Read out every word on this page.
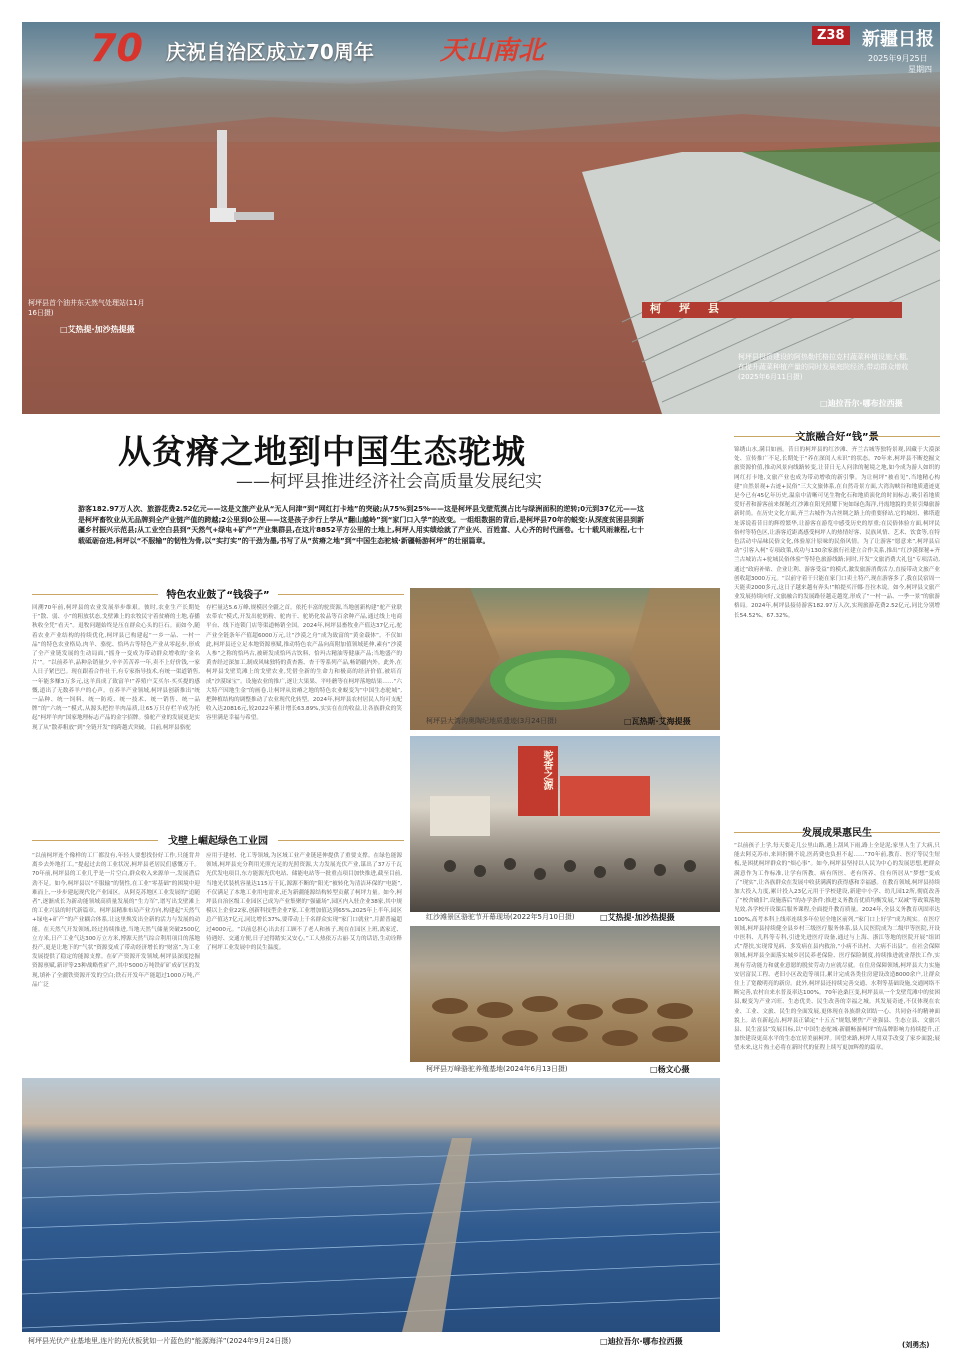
柯坪县
70	庆祝自治区成立70周年	天山南北
Z38 新疆日报
2025年9月25日
星期四
柯坪县首个油井东天然气处理站(11月16日摄)
□艾热提·加沙热提摄
柯坪县投资建设的阿热勒托格拉克村蔬菜种植设施大棚,在提升蔬菜种植产量的同时发展庭院经济,带动群众增收(2025年6月11日摄)
□迪拉吾尔·哪布拉西摄
从贫瘠之地到中国生态驼城
——柯坪县推进经济社会高质量发展纪实
游客182.97万人次、旅游花费2.52亿元——这是文旅产业从“无人问津”到“网红打卡地”的突破;从75%到25%——这是柯坪县戈壁荒漠占比与绿洲面积的逆转;0元到37亿元——这是柯坪畜牧业从无品牌到全产业链产值的跨越;2公里到0公里——这是孩子步行上学从“翻山越岭”到“家门口入学”的改变。一组组数据的背后,是柯坪县70年的蜕变:从深度贫困县到新疆乡村振兴示范县;从工业空白县到“天然气+绿电+矿产”产业集群县,在这片8852平方公里的土地上,柯坪人用实绩绘就了产业兴、百姓富、人心齐的时代画卷。七十载风雨兼程,七十载砥砺奋进,柯坪以“不服输”的韧性为骨,以“实打实”的干劲为墨,书写了从“贫瘠之地”到“中国生态驼城·新疆畅游柯坪”的壮丽篇章。
特色农业鼓了“钱袋子”
回溯70年前,柯坪县的农业发展举步维艰。彼时,农业生产长期处于“散、弱、小”的粗放状态,戈壁滩上的农牧民守着贫瘠的土地,春播秋收全凭“看天”。退牧问题始终是压在群众心头的巨石。而如今,随着农业产业结构的持续优化,柯坪县已构建起“一乡一品、一村一品”的特色农业格局,肉羊、骆驼、恰玛古等特色产业从零起步,形成了全产业链发展的生动局面,“摇身一变成为带动群众增收的‘金名片’”。“以前养羊,品种杂销量少,辛辛苦苦养一年,卖不上好价钱,一家人日子紧巴巴。现在跟着合作社干,有专家指导技术,有统一渠道销售,一年能多赚3万多元,这羊真成了致富羊!”养殖户艾买尔·买买提的感慨,道出了无数养羊户的心声。在养羊产业领域,柯坪县创新推出“统一品种、统一饲料、统一防疫、统一技术、统一销售、统一品牌”的“六统一”模式,从源头把控羊肉品质,让65万只存栏羊成为托起“柯坪羊肉”国家地理标志产品的金字招牌。骆驼产业的发展更是实现了从“散养粗放”到“全链开发”的跨越式突破。目前,柯坪县骆驼
存栏量达5.6万峰,规模居全疆之首。依托丰富的驼资源,当地创新构建“驼产业联农带农”模式,开发出驼奶粉、驼肉干、驼奶化妆品等百余种产品,通过线上电商平台、线下连锁门店等渠道畅销全国。2024年,柯坪县畜牧业产值达37亿元,驼产业全链条年产值超6000万元,让“沙漠之舟”成为致富的“黄金载体”。不仅如此,柯坪县还立足本地资源禀赋,推动特色农产品向高附加值领域延伸,素有“沙漠人参”之称的恰玛古,被研发成恰玛古饮料、恰玛古精油等健康产品;当地盛产的黄杏经过深加工,制成风味独特的黄杏酱、杏干等系列产品,畅销疆内外。此外,在柯坪县戈壁荒滩上的戈壁农业,凭借全新的生命力和极高的经济价值,被培育成“沙漠绿宝”。设施农业的推广,逐让大果果、平哇蘑等在柯坪落地结果……“六大特产因地生金”的画卷,让柯坪从贫瘠之地的特色农业蜕变为“中国生态驼城”,把种植结构的调整推动了农业现代化转型。2024年,柯坪县农村居民人均可支配收入达20816元,较2022年累计增长63.89%,实实在在的收益,让各族群众的笑容里满是幸福与希望。
戈壁上崛起绿色工业园
“以前柯坪连个像样的工厂都没有,年轻人要想找份好工作,只能背井离乡去外地打工。”提起过去的工业状况,柯坪县老居民们感慨万千。70年前,柯坪县的工业几乎是一片空白,群众收入来源单一,发展潜后劲不足。如今,柯坪县以“不服输”的韧性,在工业“零基础”的困境中迎难而上,一步步建起现代化产业园区。从阿克苏地区工业发展的“追随者”,逐渐成长为新动能领域高质量发展的“生力军”,谱写出戈壁滩上的工业兴县的时代新篇章。柯坪县精准布局产业方向,构建起“天然气+绿电+矿产”的产业耦合体系,让这里焕发出全新的活力与发展的动能。在天然气开发领域,经过持续推进,当地天然气储量突破2500亿立方米,日产工业气达300万立方米,博源天然气综合利用项目的落地投产,更是让地下的“气状”资源变成了带动经济增长的“财富”,为工业发展提供了稳定的能源支撑。在矿产资源开发领域,柯坪县深度挖掘资源禀赋,新评等23种战略性矿产,其中5000万吨铁矿矿成矿区的发现,填补了全疆铁资源开发的空白;铁石开发年产能超过1000万吨,产品广泛
应用于建材、化工等领域,为区域工业产业链延伸提供了重要支撑。在绿色能源领域,柯坪县充分利用光照充足的光照资源,大力发展光伏产业,谋出了37万千瓦光伏发电项目,东方能源光伏电站、储能电站等一批重点项目加快推进,截至目前,当地光伏装机容量达115万千瓦,源源不断的“阳光”被转化为清洁环保的“电能”,不仅满足了本地工业用电需求,还为新疆能源结构转型贡献了柯坪力量。如今,柯坪县自治区级工业园区已成为产业集聚的“强磁场”,园区内入驻企业38家,其中规模以上企业22家,创新科技型企业7家,工业增加值达到65%,2025年上半年,园区总产值达7亿元,同比增长37%,要带动上千名群众实现“家门口就业”,月薪普遍超过4000元。“以前总担心出去打工顾不了老人和孩子,现在在园区上班,离家近、待遇好、交通方便,日子过得踏实又安心。”工人热依万古丽·艾力的话语,生动诠释了柯坪工业发展中的民生温度。
柯坪县大湾沟奥陶纪地质遗迹(3月24日摄)	□瓦热斯·艾海提摄
驼香之源
红沙滩景区骆驼节开幕现场(2022年5月10日摄)	□艾热提·加沙热提摄
柯坪县万峰骆驼养殖基地(2024年6月13日摄)	□杨文心摄
柯坪县光伏产业基地里,连片的光伏板犹如一片蓝色的“能源海洋”(2024年9月24日摄)	□迪拉吾尔·哪布拉西摄
文旅融合好“钱”景
锦绣山水,满目如画。昔日的柯坪县的红沙滩、齐兰古城等独特景观,因藏于大漠深处、宣传推广不足,长期处于“养在深闺人未识”的状态。70年来,柯坪县不断挖掘文旅资源价值,推动风景向线路转变,让昔日无人问津的秘境之地,如今成为游人如织的网红打卡地,文旅产业也成为带动增收的新引擎。为让柯坪“被看见”,当地精心构建“自然景观+古迹+民俗”三大文旅体系,在自然奇景方面,大湾沟峡谷和地质遗迹更是今已有45亿年历史,温泉中清晰可见生物化石和地质演化的时间标志,吸引着地质爱好者和游客前来探秘;红沙滩在阳光照耀下宛如绿色海洋,丹霞地貌的美景引爆旅游新时尚。在历史文化方面,齐兰古城作为古丝绸之路上的重要驿站,它的城垣、佛塔遗址诉说着昔日的辉煌繁华,让游客在游览中感受历史的厚重;在民俗体验方面,柯坪民俗村等特色区,让游客近距离感受柯坪人的热情好客、民族风情、艺术、饮食等,在特色活动中品味民俗文化,体验原汁原味的民俗风情。为了让游客“愿意来”,柯坪县启动“引客入柯”专项政策,成功与130余家旅行社建立合作关系,推出“红沙漠探秘+齐兰古城访古+驼城民俗体验”等特色旅游线路;同时,开发“文旅消费大礼包”专项活动,通过“政府补贴、企业让利、游客受益”的模式,激发旅游消费活力,直接带动文旅产业创收超3000万元。“以前守着干只能在家门口卖土特产,现在游客多了,我在民宿周一天能卖2000多元,这日子越来越有奔头!”帕提买汗娜·吾拉木说。如今,柯坪县文旅产业发展持续向好,文旅融合的发展路径越走越宽,形成了“一村一品、一季一景”的旅游格局。2024年,柯坪县接待游客182.97万人次,实现旅游花费2.52亿元,同比分别增长54.52%、67.32%。
发展成果惠民生
“以前孩子上学,每天要走几公里山路,遇上刮风下雨,路上全是泥;家里人生了大病,只能去阿克苏市,来回折腾不说,医药费也负担不起……”70年前,教育、医疗等民生短板,是困扰柯坪群众的“烦心事”。如今,柯坪县坚持以人民为中心的发展思想,把群众满意作为工作标准,让学有所教、病有所医、老有所养、住有所居从“梦想”变成了“现实”,让各族群众在发展中收获满满的获得感和幸福感。在教育领域,柯坪县持续加大投入力度,累计投入23亿元用于学校建设,新建中小学、幼儿园12所,彻底改善了“校舍破旧”,设施落后”的办学条件;推进义务教育优质均衡发展,“双减”等政策落地见效,各学校开设课后服务课程,全面提升教育质量。2024年,全县义务教育巩固率达100%,高考本科上线率连续多年位居全地区前列,“家门口上好学”成为现实。在医疗领域,柯坪县持续健全县乡村三级医疗服务体系,县人民医院成为二级甲等医院,开设中医科、儿科等专科,引进先进医疗设备,通过与上海、浙江等地的医院开展“组团式”帮扶,实现常见病、多发病在县内救治,“小病不出村、大病不出县”。在社会保障领域,柯坪县全面落实城乡居民养老保险、医疗保险制度,持续推进就业帮扶工作,实现有劳动能力和就业意愿的脱贫劳动力应就尽就。在住房保障领域,柯坪县大力实施安居富民工程、老旧小区改造等项目,累计完成各类住房建设改造8000余户,让群众住上了宽敞明亮的新房。此外,柯坪县还持续完善交通、水利等基础设施,交通网络不断完善,农村自来水普及率达100%。70年沧桑巨变,柯坪县从一个戈壁荒滩中的贫困县,蜕变为产业兴旺、生态优美、民生改善的幸福之城。其发展奇迹,不仅体现在农业、工业、文旅、民生的全面发展,更体现在各族群众团结一心、共同奋斗的精神面貌上。站在新起点,柯坪县正锚定“十五五”规划,聚焦“产业强县、生态立县、文旅兴县、民生富县”发展目标,以“中国生态驼城·新疆畅游柯坪”的品牌影响力持续提升,正加快建设更高水平的生态宜居美丽柯坪。回望来路,柯坪人用双手改变了家乡面貌;展望未来,这片热土必将在新时代的征程上续写更加辉煌的篇章。
(刘勇杰)
